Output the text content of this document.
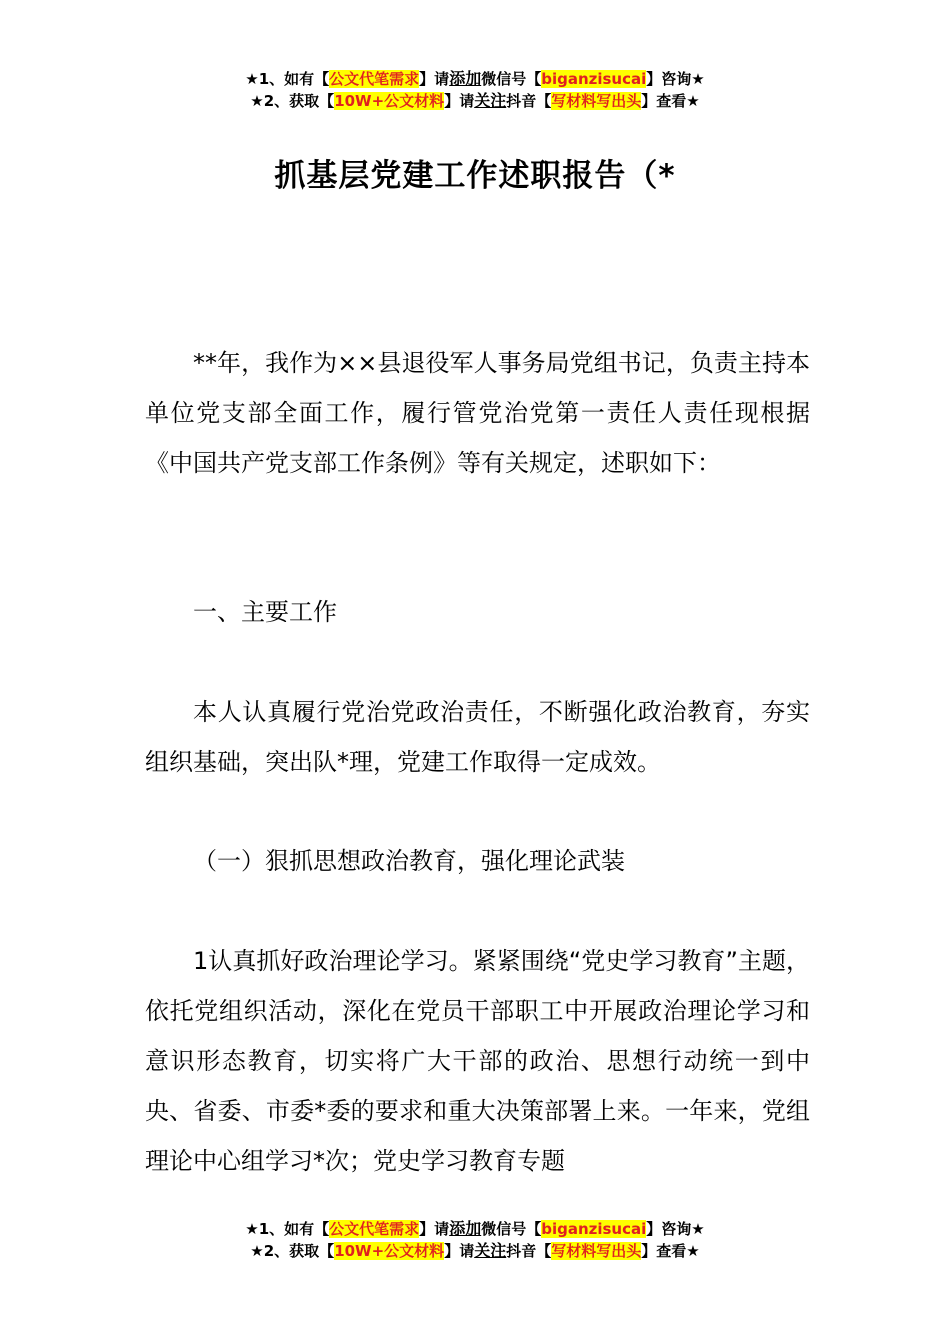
★1、如有【公文代笔需求】请添加微信号【biganzisucai】咨询★
★2、获取【10W+公文材料】请关注抖音【写材料写出头】查看★
抓基层党建工作述职报告（*

**年，我作为××县退役军人事务局党组书记，负责主持本单位党支部全面工作，履行管党治党第一责任人责任现根据《中国共产党支部工作条例》等有关规定，述职如下：

一、主要工作

本人认真履行党治党政治责任，不断强化政治教育，夯实组织基础，突出队*理，党建工作取得一定成效。

（一）狠抓思想政治教育，强化理论武装

1认真抓好政治理论学习。紧紧围绕“党史学习教育”主题，依托党组织活动，深化在党员干部职工中开展政治理论学习和意识形态教育，切实将广大干部的政治、思想行动统一到中央、省委、市委*委的要求和重大决策部署上来。一年来，党组理论中心组学习*次；党史学习教育专题

★1、如有【公文代笔需求】请添加微信号【biganzisucai】咨询★
★2、获取【10W+公文材料】请关注抖音【写材料写出头】查看★
